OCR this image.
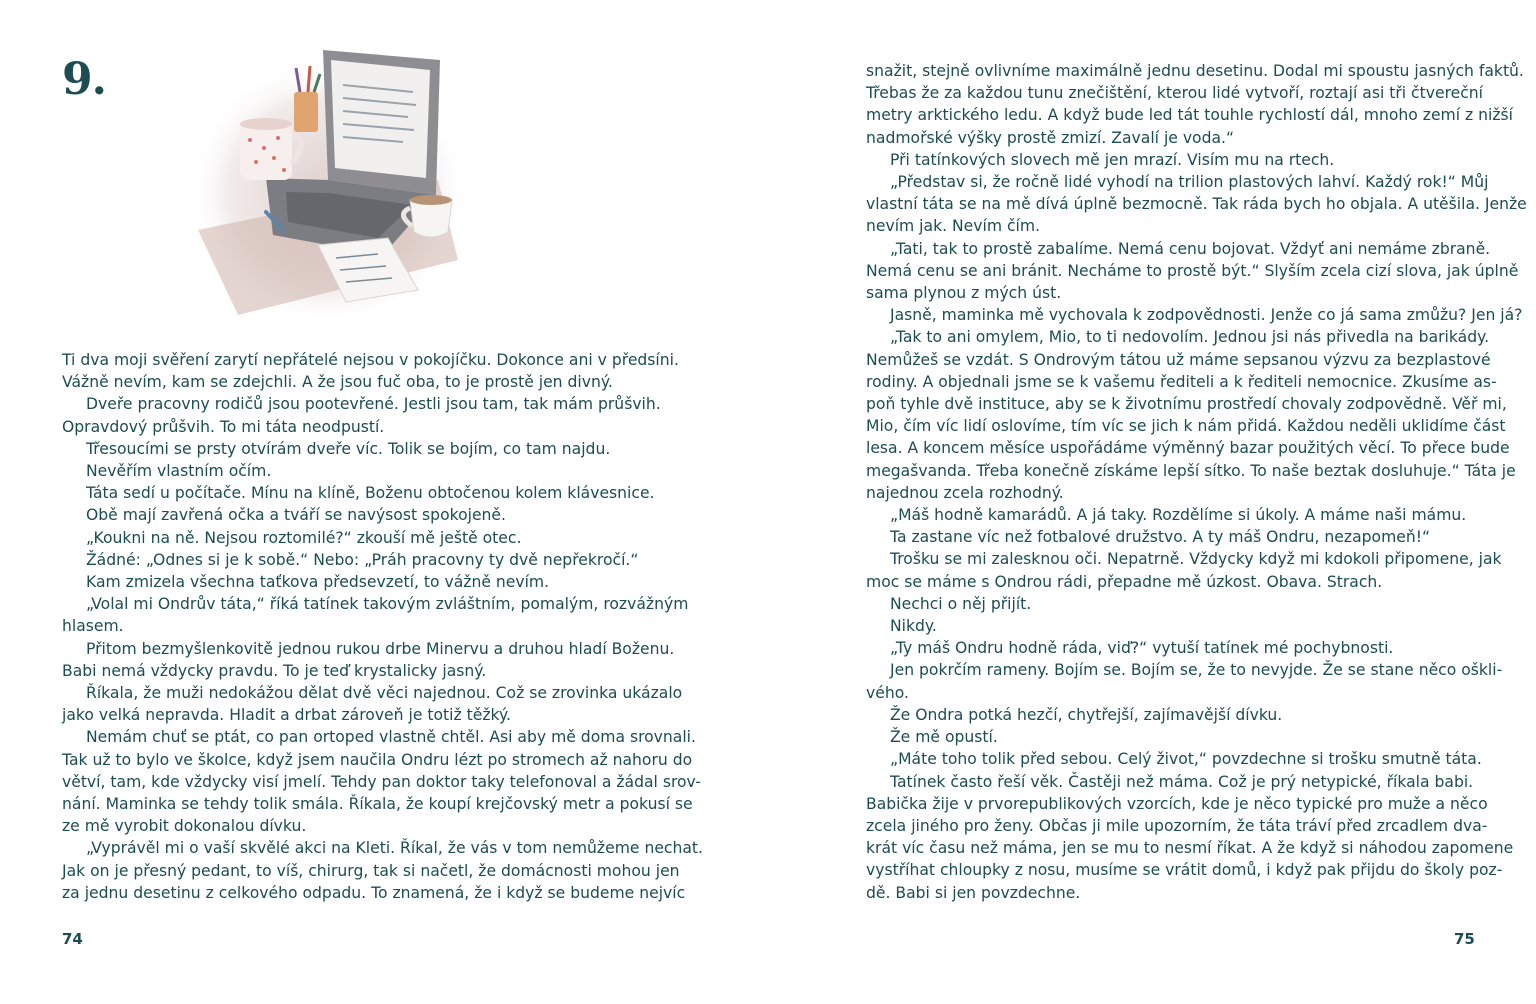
9.

Ti dva moji svěření zarytí nepřátelé nejsou v pokojíčku. Dokonce ani v předsíni.

Vážně nevím, kam se zdejchli. A že jsou fuč oba, to je prostě jen divný.

Dveře pracovny rodičů jsou pootevřené. Jestli jsou tam, tak mám průšvih.

Opravdový průšvih. To mi táta neodpustí.

Třesoucími se prsty otvírám dveře víc. Tolik se bojím, co tam najdu.

Nevěřím vlastním očím.

Táta sedí u počítače. Mínu na klíně, Boženu obtočenou kolem klávesnice.

Obě mají zavřená očka a tváří se navýsost spokojeně.

„Koukni na ně. Nejsou roztomilé?“ zkouší mě ještě otec.

Žádné: „Odnes si je k sobě.“ Nebo: „Práh pracovny ty dvě nepřekročí.“

Kam zmizela všechna taťkova předsevzetí, to vážně nevím.

„Volal mi Ondrův táta,“ říká tatínek takovým zvláštním, pomalým, rozvážným

hlasem.

Přitom bezmyšlenkovitě jednou rukou drbe Minervu a druhou hladí Boženu.

Babi nemá vždycky pravdu. To je teď krystalicky jasný.

Říkala, že muži nedokážou dělat dvě věci najednou. Což se zrovinka ukázalo

jako velká nepravda. Hladit a drbat zároveň je totiž těžký.

Nemám chuť se ptát, co pan ortoped vlastně chtěl. Asi aby mě doma srovnali.

Tak už to bylo ve školce, když jsem naučila Ondru lézt po stromech až nahoru do

větví, tam, kde vždycky visí jmelí. Tehdy pan doktor taky telefonoval a žádal srov-

nání. Maminka se tehdy tolik smála. Říkala, že koupí krejčovský metr a pokusí se

ze mě vyrobit dokonalou dívku.

„Vyprávěl mi o vaší skvělé akci na Kleti. Říkal, že vás v tom nemůžeme nechat.

Jak on je přesný pedant, to víš, chirurg, tak si načetl, že domácnosti mohou jen

za jednu desetinu z celkového odpadu. To znamená, že i když se budeme nejvíc

74

snažit, stejně ovlivníme maximálně jednu desetinu. Dodal mi spoustu jasných faktů.

Třebas že za každou tunu znečištění, kterou lidé vytvoří, roztají asi tři čtvereční

metry arktického ledu. A když bude led tát touhle rychlostí dál, mnoho zemí z nižší

nadmořské výšky prostě zmizí. Zavalí je voda.“

Při tatínkových slovech mě jen mrazí. Visím mu na rtech.

„Představ si, že ročně lidé vyhodí na trilion plastových lahví. Každý rok!“ Můj

vlastní táta se na mě dívá úplně bezmocně. Tak ráda bych ho objala. A utěšila. Jenže

nevím jak. Nevím čím.

„Tati, tak to prostě zabalíme. Nemá cenu bojovat. Vždyť ani nemáme zbraně.

Nemá cenu se ani bránit. Necháme to prostě být.“ Slyším zcela cizí slova, jak úplně

sama plynou z mých úst.

Jasně, maminka mě vychovala k zodpovědnosti. Jenže co já sama zmůžu? Jen já?

„Tak to ani omylem, Mio, to ti nedovolím. Jednou jsi nás přivedla na barikády.

Nemůžeš se vzdát. S Ondrovým tátou už máme sepsanou výzvu za bezplastové

rodiny. A objednali jsme se k vašemu řediteli a k řediteli nemocnice. Zkusíme as-

poň tyhle dvě instituce, aby se k životnímu prostředí chovaly zodpovědně. Věř mi,

Mio, čím víc lidí oslovíme, tím víc se jich k nám přidá. Každou neděli uklidíme část

lesa. A koncem měsíce uspořádáme výměnný bazar použitých věcí. To přece bude

megašvanda. Třeba konečně získáme lepší sítko. To naše beztak dosluhuje.“ Táta je

najednou zcela rozhodný.

„Máš hodně kamarádů. A já taky. Rozdělíme si úkoly. A máme naši mámu.

Ta zastane víc než fotbalové družstvo. A ty máš Ondru, nezapomeň!“

Trošku se mi zalesknou oči. Nepatrně. Vždycky když mi kdokoli připomene, jak

moc se máme s Ondrou rádi, přepadne mě úzkost. Obava. Strach.

Nechci o něj přijít.

Nikdy.

„Ty máš Ondru hodně ráda, viď?“ vytuší tatínek mé pochybnosti.

Jen pokrčím rameny. Bojím se. Bojím se, že to nevyjde. Že se stane něco ošklі-

vého.

Že Ondra potká hezčí, chytřejší, zajímavější dívku.

Že mě opustí.

„Máte toho tolik před sebou. Celý život,“ povzdechne si trošku smutně táta.

Tatínek často řeší věk. Častěji než máma. Což je prý netypické, říkala babi.

Babička žije v prvorepublikových vzorcích, kde je něco typické pro muže a něco

zcela jiného pro ženy. Občas ji mile upozorním, že táta tráví před zrcadlem dva-

krát víc času než máma, jen se mu to nesmí říkat. A že když si náhodou zapomene

vystříhat chloupky z nosu, musíme se vrátit domů, i když pak přijdu do školy poz-

dě. Babi si jen povzdechne.

75
